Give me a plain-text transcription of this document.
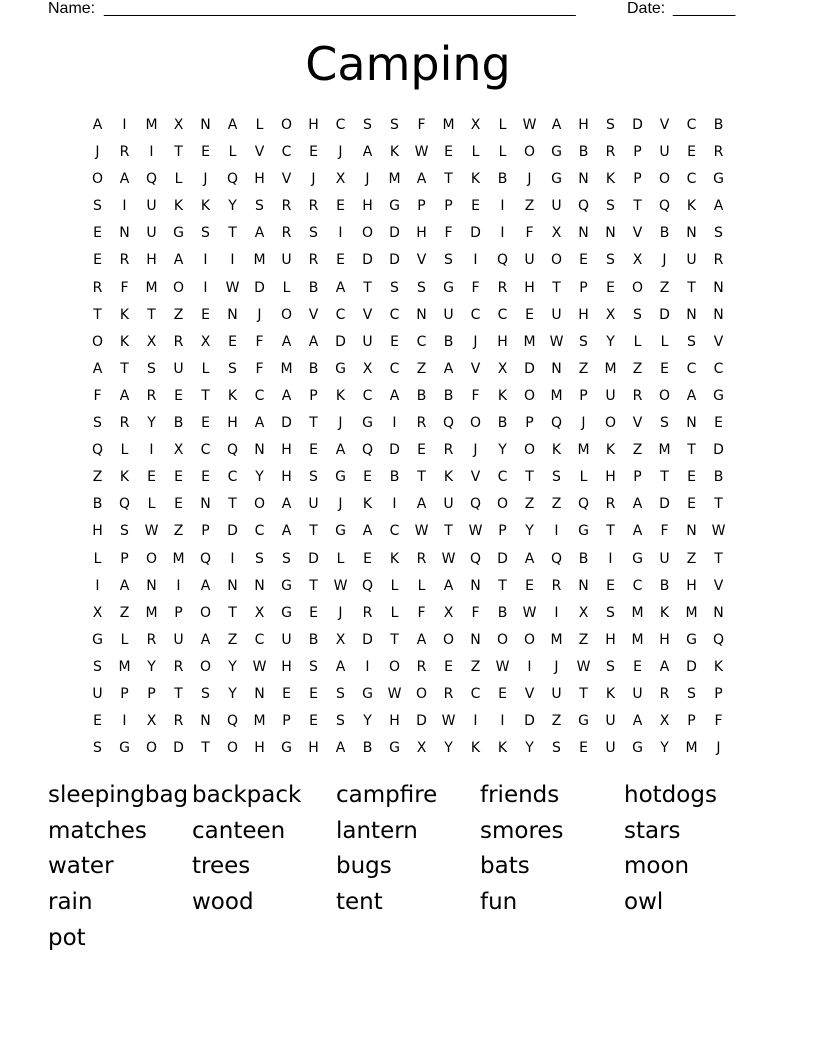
Name: _____________________________________________________	Date: _______
Camping
A	I	M	X	N	A	L	O	H	C	S	S	F	M	X	L	W	A	H	S	D	V	C	B
J	R	I	T	E	L	V	C	E	J	A	K	W	E	L	L	O	G	B	R	P	U	E	R
O	A	Q	L	J	Q	H	V	J	X	J	M	A	T	K	B	J	G	N	K	P	O	C	G
S	I	U	K	K	Y	S	R	R	E	H	G	P	P	E	I	Z	U	Q	S	T	Q	K	A
E	N	U	G	S	T	A	R	S	I	O	D	H	F	D	I	F	X	N	N	V	B	N	S
E	R	H	A	I	I	M	U	R	E	D	D	V	S	I	Q	U	O	E	S	X	J	U	R
R	F	M	O	I	W	D	L	B	A	T	S	S	G	F	R	H	T	P	E	O	Z	T	N
T	K	T	Z	E	N	J	O	V	C	V	C	N	U	C	C	E	U	H	X	S	D	N	N
O	K	X	R	X	E	F	A	A	D	U	E	C	B	J	H	M	W	S	Y	L	L	S	V
A	T	S	U	L	S	F	M	B	G	X	C	Z	A	V	X	D	N	Z	M	Z	E	C	C
F	A	R	E	T	K	C	A	P	K	C	A	B	B	F	K	O	M	P	U	R	O	A	G
S	R	Y	B	E	H	A	D	T	J	G	I	R	Q	O	B	P	Q	J	O	V	S	N	E
Q	L	I	X	C	Q	N	H	E	A	Q	D	E	R	J	Y	O	K	M	K	Z	M	T	D
Z	K	E	E	E	C	Y	H	S	G	E	B	T	K	V	C	T	S	L	H	P	T	E	B
B	Q	L	E	N	T	O	A	U	J	K	I	A	U	Q	O	Z	Z	Q	R	A	D	E	T
H	S	W	Z	P	D	C	A	T	G	A	C	W	T	W	P	Y	I	G	T	A	F	N	W
L	P	O	M	Q	I	S	S	D	L	E	K	R	W	Q	D	A	Q	B	I	G	U	Z	T
I	A	N	I	A	N	N	G	T	W	Q	L	L	A	N	T	E	R	N	E	C	B	H	V
X	Z	M	P	O	T	X	G	E	J	R	L	F	X	F	B	W	I	X	S	M	K	M	N
G	L	R	U	A	Z	C	U	B	X	D	T	A	O	N	O	O	M	Z	H	M	H	G	Q
S	M	Y	R	O	Y	W	H	S	A	I	O	R	E	Z	W	I	J	W	S	E	A	D	K
U	P	P	T	S	Y	N	E	E	S	G	W	O	R	C	E	V	U	T	K	U	R	S	P
E	I	X	R	N	Q	M	P	E	S	Y	H	D	W	I	I	D	Z	G	U	A	X	P	F
S	G	O	D	T	O	H	G	H	A	B	G	X	Y	K	K	Y	S	E	U	G	Y	M	J
sleepingbag backpack	campfire	friends	hotdogs
matches	canteen	lantern	smores	stars
water	trees	bugs	bats	moon
rain	wood	tent	fun	owl
pot
